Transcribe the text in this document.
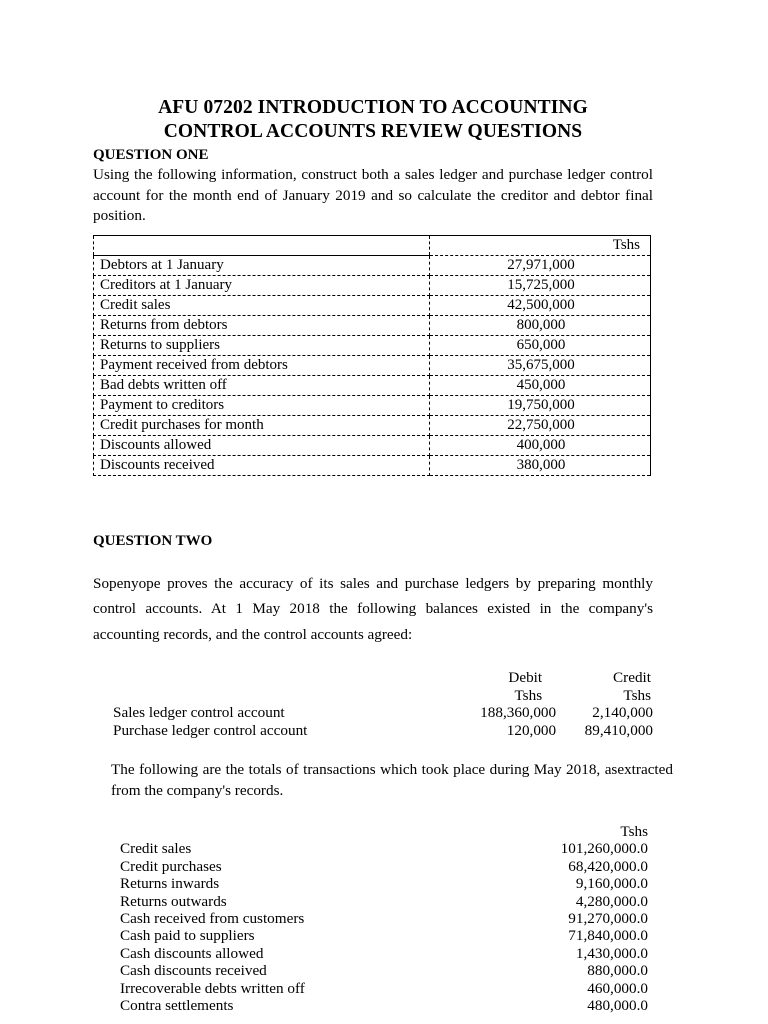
AFU 07202 INTRODUCTION TO ACCOUNTING
CONTROL ACCOUNTS REVIEW QUESTIONS
QUESTION ONE

Using the following information, construct both a sales ledger and purchase ledger control account for the month end of January 2019 and so calculate the creditor and debtor final position.

	Tshs
Debtors at 1 January	27,971,000
Creditors at 1 January	15,725,000
Credit sales	42,500,000
Returns from debtors	800,000
Returns to suppliers	650,000
Payment received from debtors	35,675,000
Bad debts written off	450,000
Payment to creditors	19,750,000
Credit purchases for month	22,750,000
Discounts allowed	400,000
Discounts received	380,000
QUESTION TWO

Sopenyope proves the accuracy of its sales and purchase ledgers by preparing monthly control accounts. At 1 May 2018 the following balances existed in the company's accounting records, and the control accounts agreed:

	Debit	Credit
	Tshs	Tshs
Sales ledger control account	188,360,000	2,140,000
Purchase ledger control account	120,000	89,410,000

The following are the totals of transactions which took place during May 2018, asextracted from the company's records.

	Tshs
Credit sales	101,260,000.0
Credit purchases	68,420,000.0
Returns inwards	9,160,000.0
Returns outwards	4,280,000.0
Cash received from customers	91,270,000.0
Cash paid to suppliers	71,840,000.0
Cash discounts allowed	1,430,000.0
Cash discounts received	880,000.0
Irrecoverable debts written off	460,000.0
Contra settlements	480,000.0
